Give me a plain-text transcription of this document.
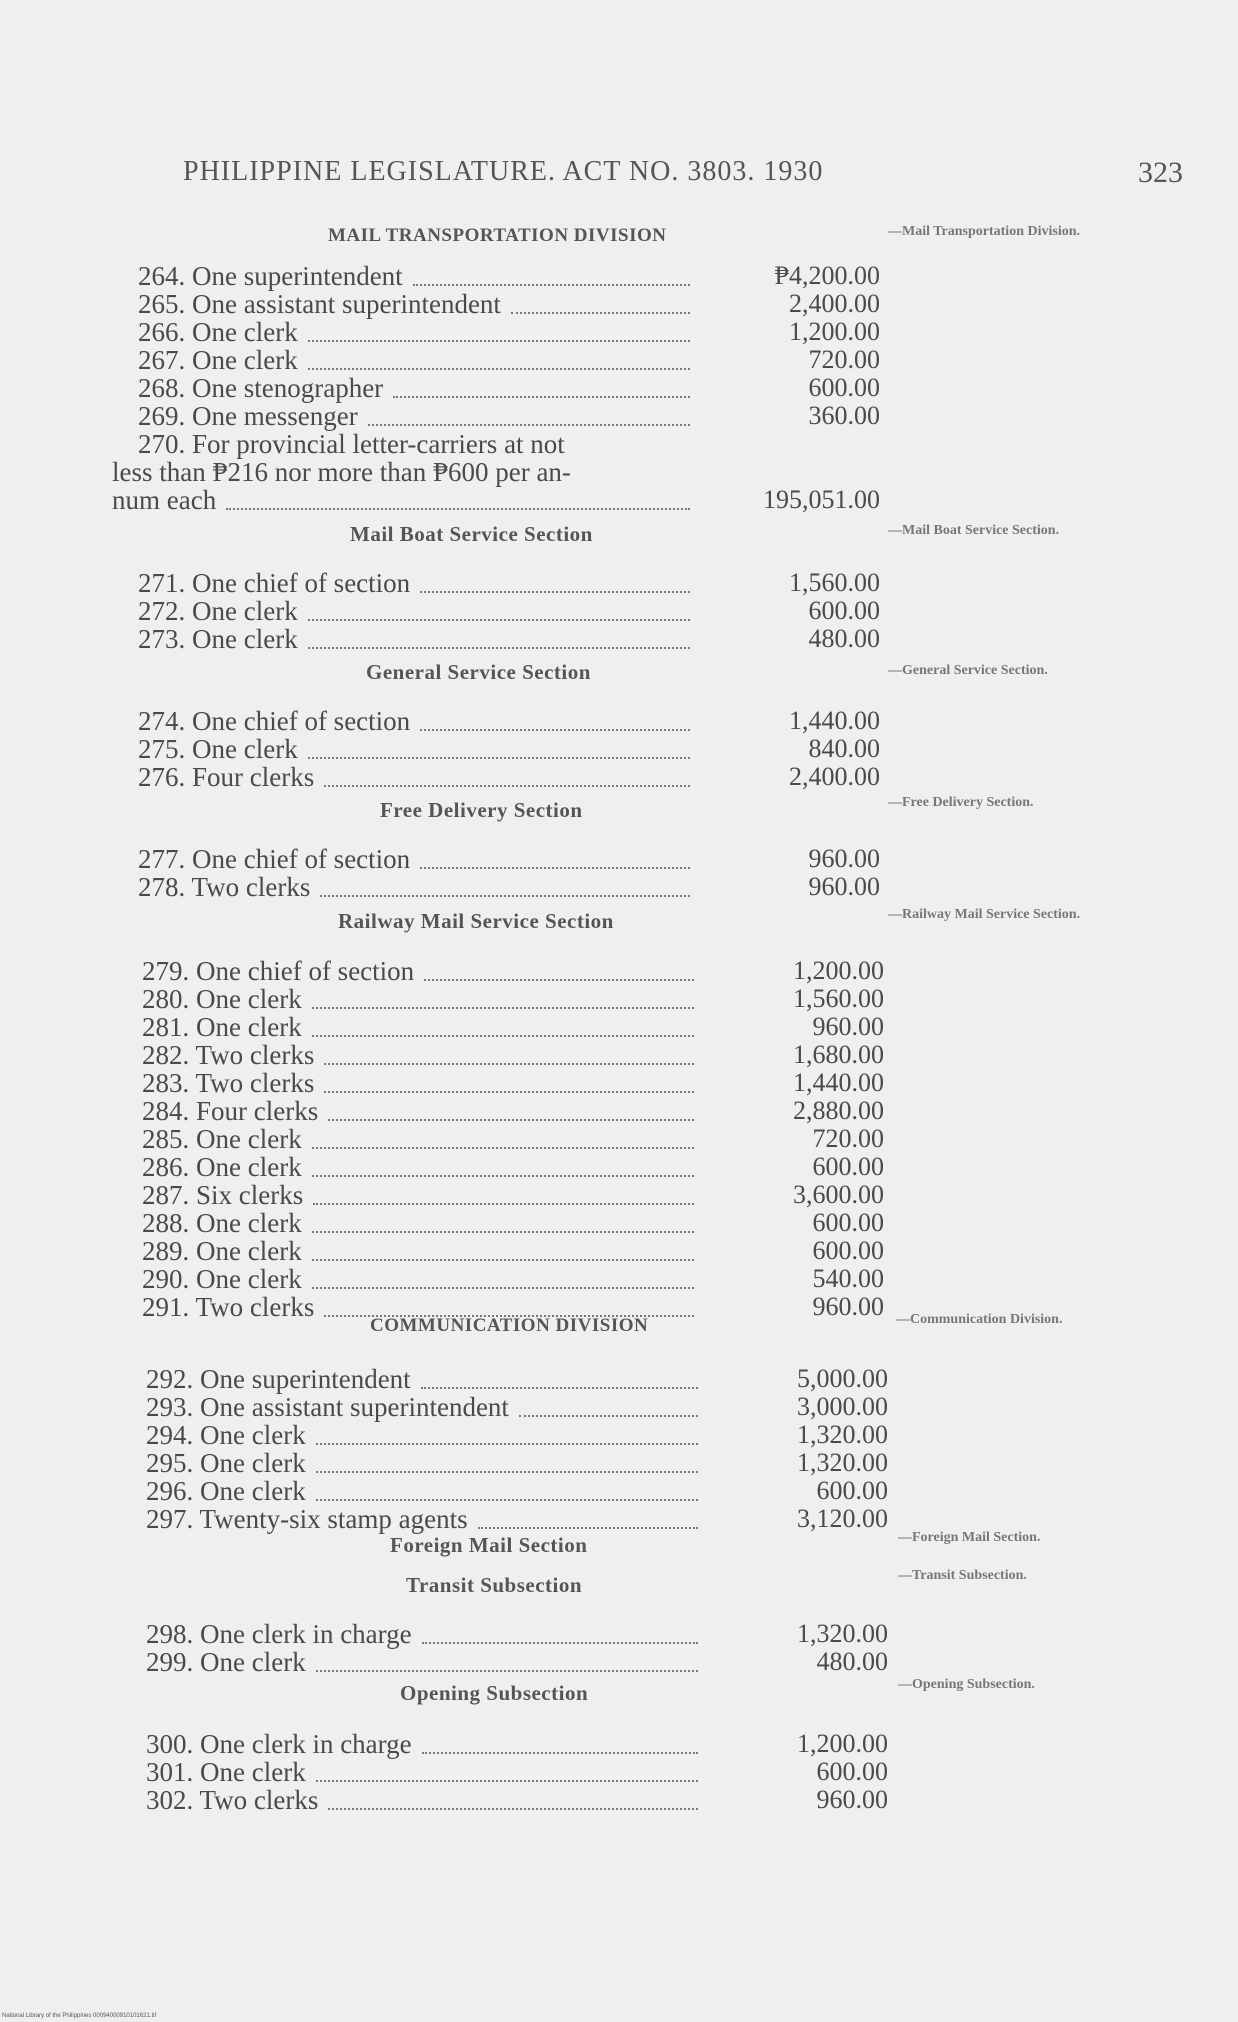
PHILIPPINE LEGISLATURE. ACT NO. 3803. 1930	323
MAIL TRANSPORTATION DIVISION
Mail Boat Service Section
General Service Section
Free Delivery Section
Railway Mail Service Section
COMMUNICATION DIVISION
Foreign Mail Section
Transit Subsection
Opening Subsection
—Mail Transportation Division.
—Mail Boat Service Section.
—General Service Section.
—Free Delivery Section.
—Railway Mail Service Section.
—Communication Division.
—Foreign Mail Section.
—Transit Subsection.
—Opening Subsection.
264. One superintendent	₱4,200.00
265. One assistant superintendent	2,400.00
266. One clerk	1,200.00
267. One clerk	720.00
268. One stenographer	600.00
269. One messenger	360.00
270. For provincial letter-carriers at not
less than ₱216 nor more than ₱600 per an-
num each	195,051.00
271. One chief of section	1,560.00
272. One clerk	600.00
273. One clerk	480.00
274. One chief of section	1,440.00
275. One clerk	840.00
276. Four clerks	2,400.00
277. One chief of section	960.00
278. Two clerks	960.00
279. One chief of section	1,200.00
280. One clerk	1,560.00
281. One clerk	960.00
282. Two clerks	1,680.00
283. Two clerks	1,440.00
284. Four clerks	2,880.00
285. One clerk	720.00
286. One clerk	600.00
287. Six clerks	3,600.00
288. One clerk	600.00
289. One clerk	600.00
290. One clerk	540.00
291. Two clerks	960.00
292. One superintendent	5,000.00
293. One assistant superintendent	3,000.00
294. One clerk	1,320.00
295. One clerk	1,320.00
296. One clerk	600.00
297. Twenty-six stamp agents	3,120.00
298. One clerk in charge	1,320.00
299. One clerk	480.00
300. One clerk in charge	1,200.00
301. One clerk	600.00
302. Two clerks	960.00
National Library of the Philippines 00094000910101621.tif
